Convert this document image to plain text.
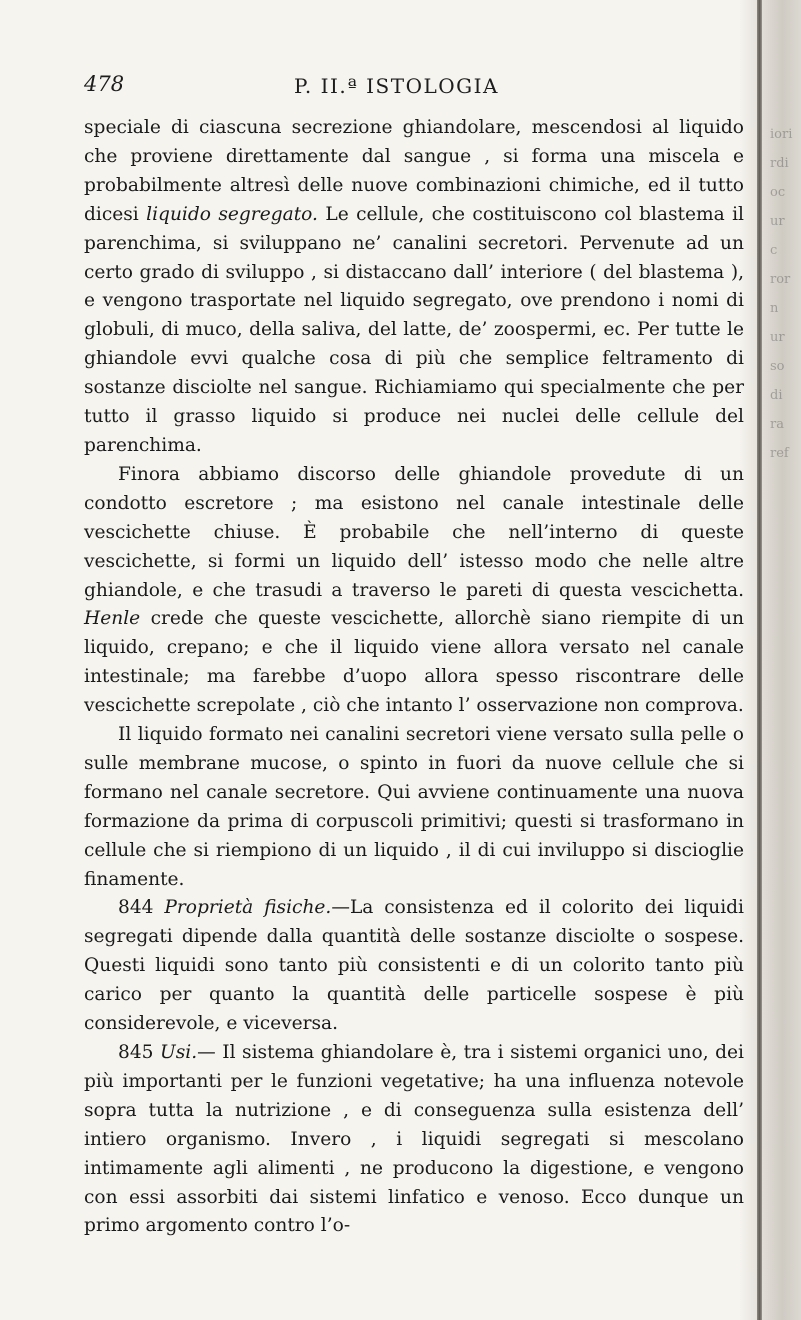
iori
rdi
oc
ur
c
ror
n
ur
so
di
ra
ref
478	P. II.ª ISTOLOGIA

speciale di ciascuna secrezione ghiandolare, mescendosi al liquido che proviene direttamente dal sangue , si forma una miscela e probabilmente altresì delle nuove combinazioni chimiche, ed il tutto dicesi liquido segregato. Le cellule, che costituiscono col blastema il parenchima, si sviluppano ne’ canalini secretori. Pervenute ad un certo grado di sviluppo , si distaccano dall’ interiore ( del blastema ), e vengono trasportate nel liquido segregato, ove prendono i nomi di globuli, di muco, della saliva, del latte, de’ zoospermi, ec. Per tutte le ghiandole evvi qualche cosa di più che semplice feltramento di sostanze disciolte nel sangue. Richiamiamo qui specialmente che per tutto il grasso liquido si produce nei nuclei delle cellule del parenchima.

Finora abbiamo discorso delle ghiandole provedute di un condotto escretore ; ma esistono nel canale intestinale delle vescichette chiuse. È probabile che nell’interno di queste vescichette, si formi un liquido dell’ istesso modo che nelle altre ghiandole, e che trasudi a traverso le pareti di questa vescichetta. Henle crede che queste vescichette, allorchè siano riempite di un liquido, crepano; e che il liquido viene allora versato nel canale intestinale; ma farebbe d’uopo allora spesso riscontrare delle vescichette screpolate , ciò che intanto l’ osservazione non comprova.

Il liquido formato nei canalini secretori viene versato sulla pelle o sulle membrane mucose, o spinto in fuori da nuove cellule che si formano nel canale secretore. Qui avviene continuamente una nuova formazione da prima di corpuscoli primitivi; questi si trasformano in cellule che si riempiono di un liquido , il di cui inviluppo si discioglie finamente.

844 Proprietà fisiche.—La consistenza ed il colorito dei liquidi segregati dipende dalla quantità delle sostanze disciolte o sospese. Questi liquidi sono tanto più consistenti e di un colorito tanto più carico per quanto la quantità delle particelle sospese è più considerevole, e viceversa.

845 Usi.— Il sistema ghiandolare è, tra i sistemi organici uno, dei più importanti per le funzioni vegetative; ha una influenza notevole sopra tutta la nutrizione , e di conseguenza sulla esistenza dell’ intiero organismo. Invero , i liquidi segregati si mescolano intimamente agli alimenti , ne producono la digestione, e vengono con essi assorbiti dai sistemi linfatico e venoso. Ecco dunque un primo argomento contro l’o-
